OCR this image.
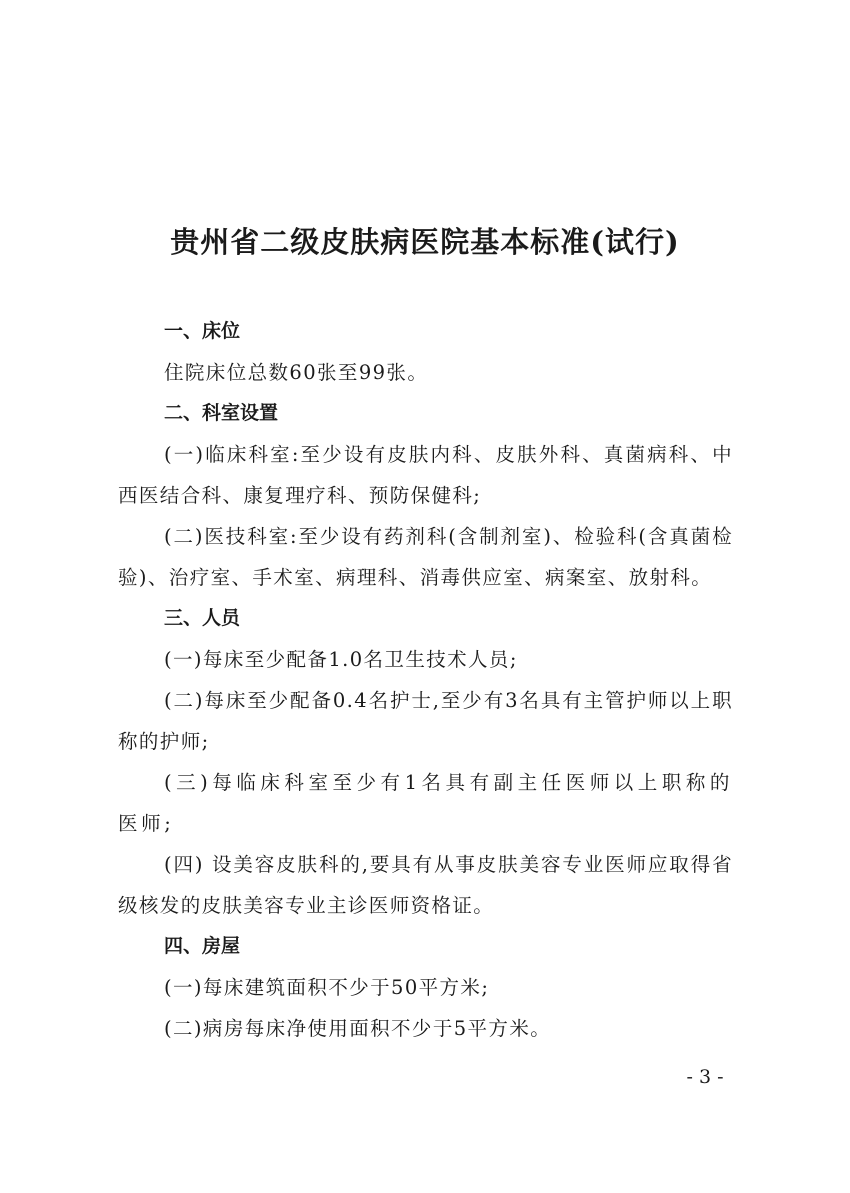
贵州省二级皮肤病医院基本标准(试行)
一、床位

住院床位总数60张至99张。

二、科室设置

(一)临床科室:至少设有皮肤内科、皮肤外科、真菌病科、中西医结合科、康复理疗科、预防保健科;

(二)医技科室:至少设有药剂科(含制剂室)、检验科(含真菌检验)、治疗室、手术室、病理科、消毒供应室、病案室、放射科。

三、人员

(一)每床至少配备1.0名卫生技术人员;

(二)每床至少配备0.4名护士,至少有3名具有主管护师以上职称的护师;

(三)每临床科室至少有1名具有副主任医师以上职称的医师;

(四) 设美容皮肤科的,要具有从事皮肤美容专业医师应取得省级核发的皮肤美容专业主诊医师资格证。

四、房屋

(一)每床建筑面积不少于50平方米;

(二)病房每床净使用面积不少于5平方米。

- 3 -
